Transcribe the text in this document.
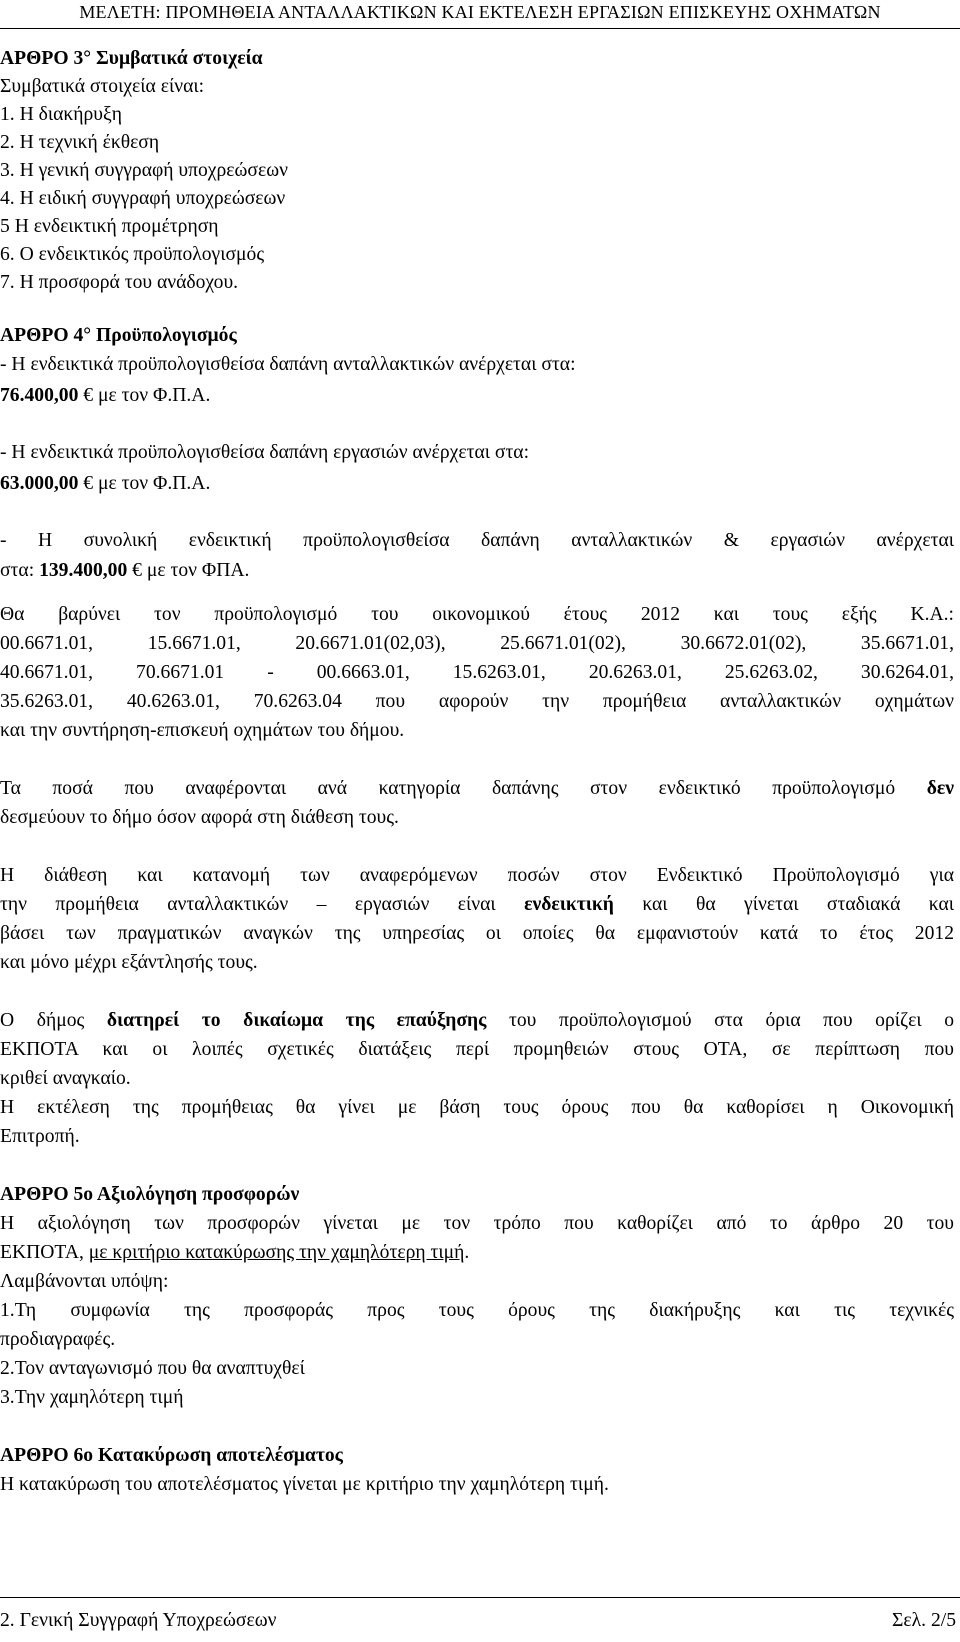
ΜΕΛΕΤΗ: ΠΡΟΜΗΘΕΙΑ ΑΝΤΑΛΛΑΚΤΙΚΩΝ ΚΑΙ ΕΚΤΕΛΕΣΗ ΕΡΓΑΣΙΩΝ ΕΠΙΣΚΕΥΗΣ ΟΧΗΜΑΤΩΝ
ΑΡΘΡΟ 3° Συμβατικά στοιχεία
Συμβατικά στοιχεία είναι:
1. Η διακήρυξη
2. Η τεχνική έκθεση
3. Η γενική συγγραφή υποχρεώσεων
4. Η ειδική συγγραφή υποχρεώσεων
5 Η ενδεικτική προμέτρηση
6. Ο ενδεικτικός προϋπολογισμός
7. Η προσφορά του ανάδοχου.
ΑΡΘΡΟ 4° Προϋπολογισμός
- Η ενδεικτικά προϋπολογισθείσα δαπάνη ανταλλακτικών ανέρχεται στα:
76.400,00 € με τον Φ.Π.Α.
- Η ενδεικτικά προϋπολογισθείσα δαπάνη εργασιών ανέρχεται στα:
63.000,00 € με τον Φ.Π.Α.
- Η συνολική ενδεικτική προϋπολογισθείσα δαπάνη ανταλλακτικών & εργασιών ανέρχεται
στα: 139.400,00 € με τον ΦΠΑ.
Θα βαρύνει τον προϋπολογισμό του οικονομικού έτους 2012 και τους εξής Κ.Α.:
00.6671.01, 15.6671.01, 20.6671.01(02,03), 25.6671.01(02), 30.6672.01(02), 35.6671.01,
40.6671.01, 70.6671.01 - 00.6663.01, 15.6263.01, 20.6263.01, 25.6263.02, 30.6264.01,
35.6263.01, 40.6263.01, 70.6263.04 που αφορούν την προμήθεια ανταλλακτικών οχημάτων
και την συντήρηση-επισκευή οχημάτων του δήμου.
Τα ποσά που αναφέρονται ανά κατηγορία δαπάνης στον ενδεικτικό προϋπολογισμό δεν
δεσμεύουν το δήμο όσον αφορά στη διάθεση τους.
Η διάθεση και κατανομή των αναφερόμενων ποσών στον Ενδεικτικό Προϋπολογισμό για
την προμήθεια ανταλλακτικών – εργασιών είναι ενδεικτική και θα γίνεται σταδιακά και
βάσει των πραγματικών αναγκών της υπηρεσίας οι οποίες θα εμφανιστούν κατά το έτος 2012
και μόνο μέχρι εξάντλησής τους.
Ο δήμος διατηρεί το δικαίωμα της επαύξησης του προϋπολογισμού στα όρια που ορίζει ο
ΕΚΠΟΤΑ και οι λοιπές σχετικές διατάξεις περί προμηθειών στους ΟΤΑ, σε περίπτωση που
κριθεί αναγκαίο.
Η εκτέλεση της προμήθειας θα γίνει με βάση τους όρους που θα καθορίσει η Οικονομική
Επιτροπή.
ΑΡΘΡΟ 5ο Αξιολόγηση προσφορών
Η αξιολόγηση των προσφορών γίνεται με τον τρόπο που καθορίζει από το άρθρο 20 του
ΕΚΠΟΤΑ, με κριτήριο κατακύρωσης την χαμηλότερη τιμή.
Λαμβάνονται υπόψη:
1.Τη συμφωνία της προσφοράς προς τους όρους της διακήρυξης και τις τεχνικές
προδιαγραφές.
2.Τον ανταγωνισμό που θα αναπτυχθεί
3.Την χαμηλότερη τιμή
ΑΡΘΡΟ 6ο Κατακύρωση αποτελέσματος
Η κατακύρωση του αποτελέσματος γίνεται με κριτήριο την χαμηλότερη τιμή.
2. Γενική Συγγραφή Υποχρεώσεων	Σελ. 2/5
